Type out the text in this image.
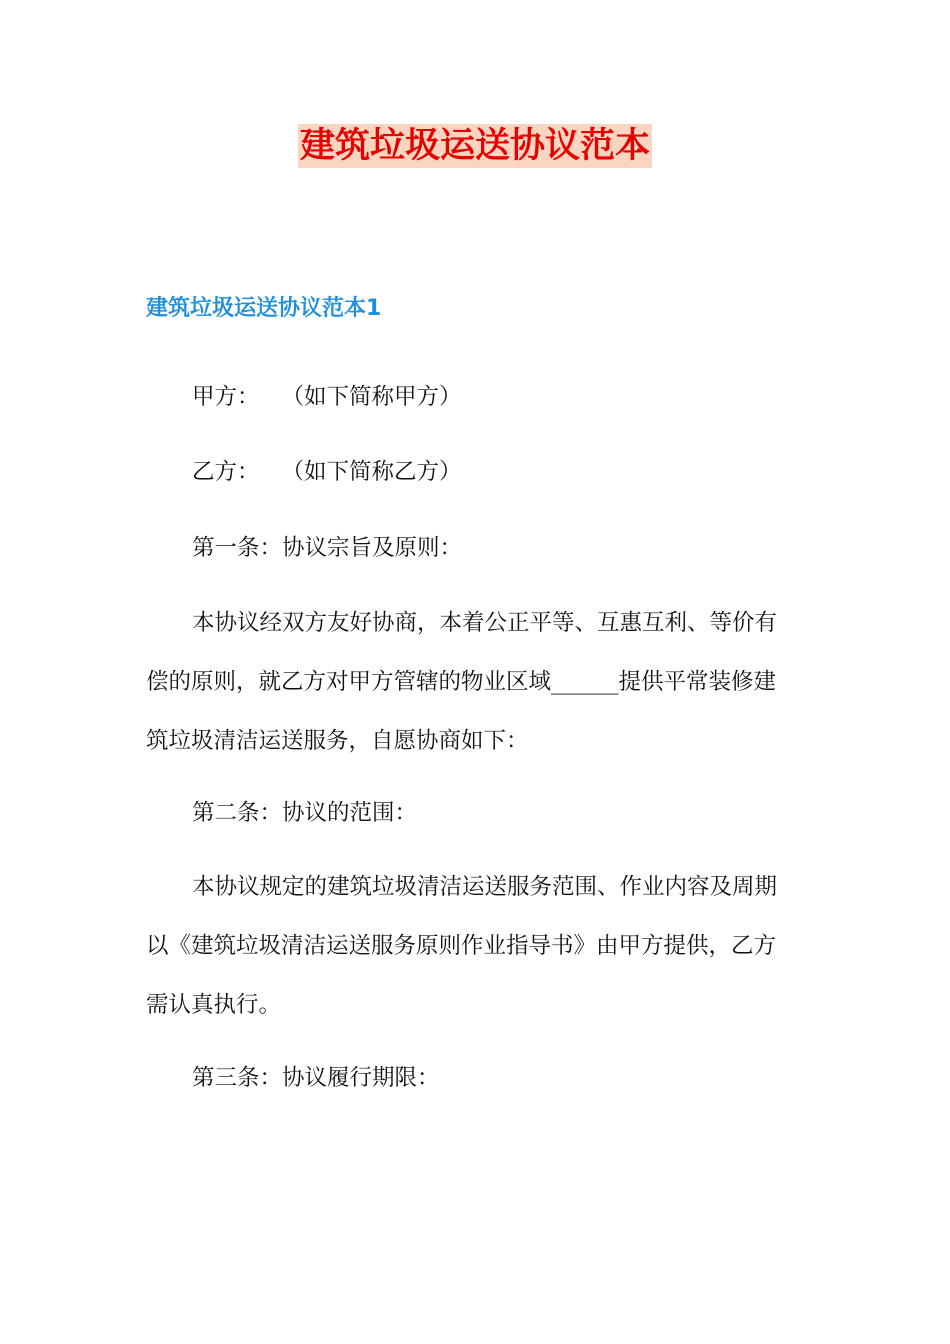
建筑垃圾运送协议范本
建筑垃圾运送协议范本1

甲方： （如下简称甲方）

乙方： （如下简称乙方）

第一条：协议宗旨及原则：

本协议经双方友好协商，本着公正平等、互惠互利、等价有
偿的原则，就乙方对甲方管辖的物业区域______提供平常装修建
筑垃圾清洁运送服务，自愿协商如下：

第二条：协议的范围：

本协议规定的建筑垃圾清洁运送服务范围、作业内容及周期
以《建筑垃圾清洁运送服务原则作业指导书》由甲方提供，乙方
需认真执行。

第三条：协议履行期限：
